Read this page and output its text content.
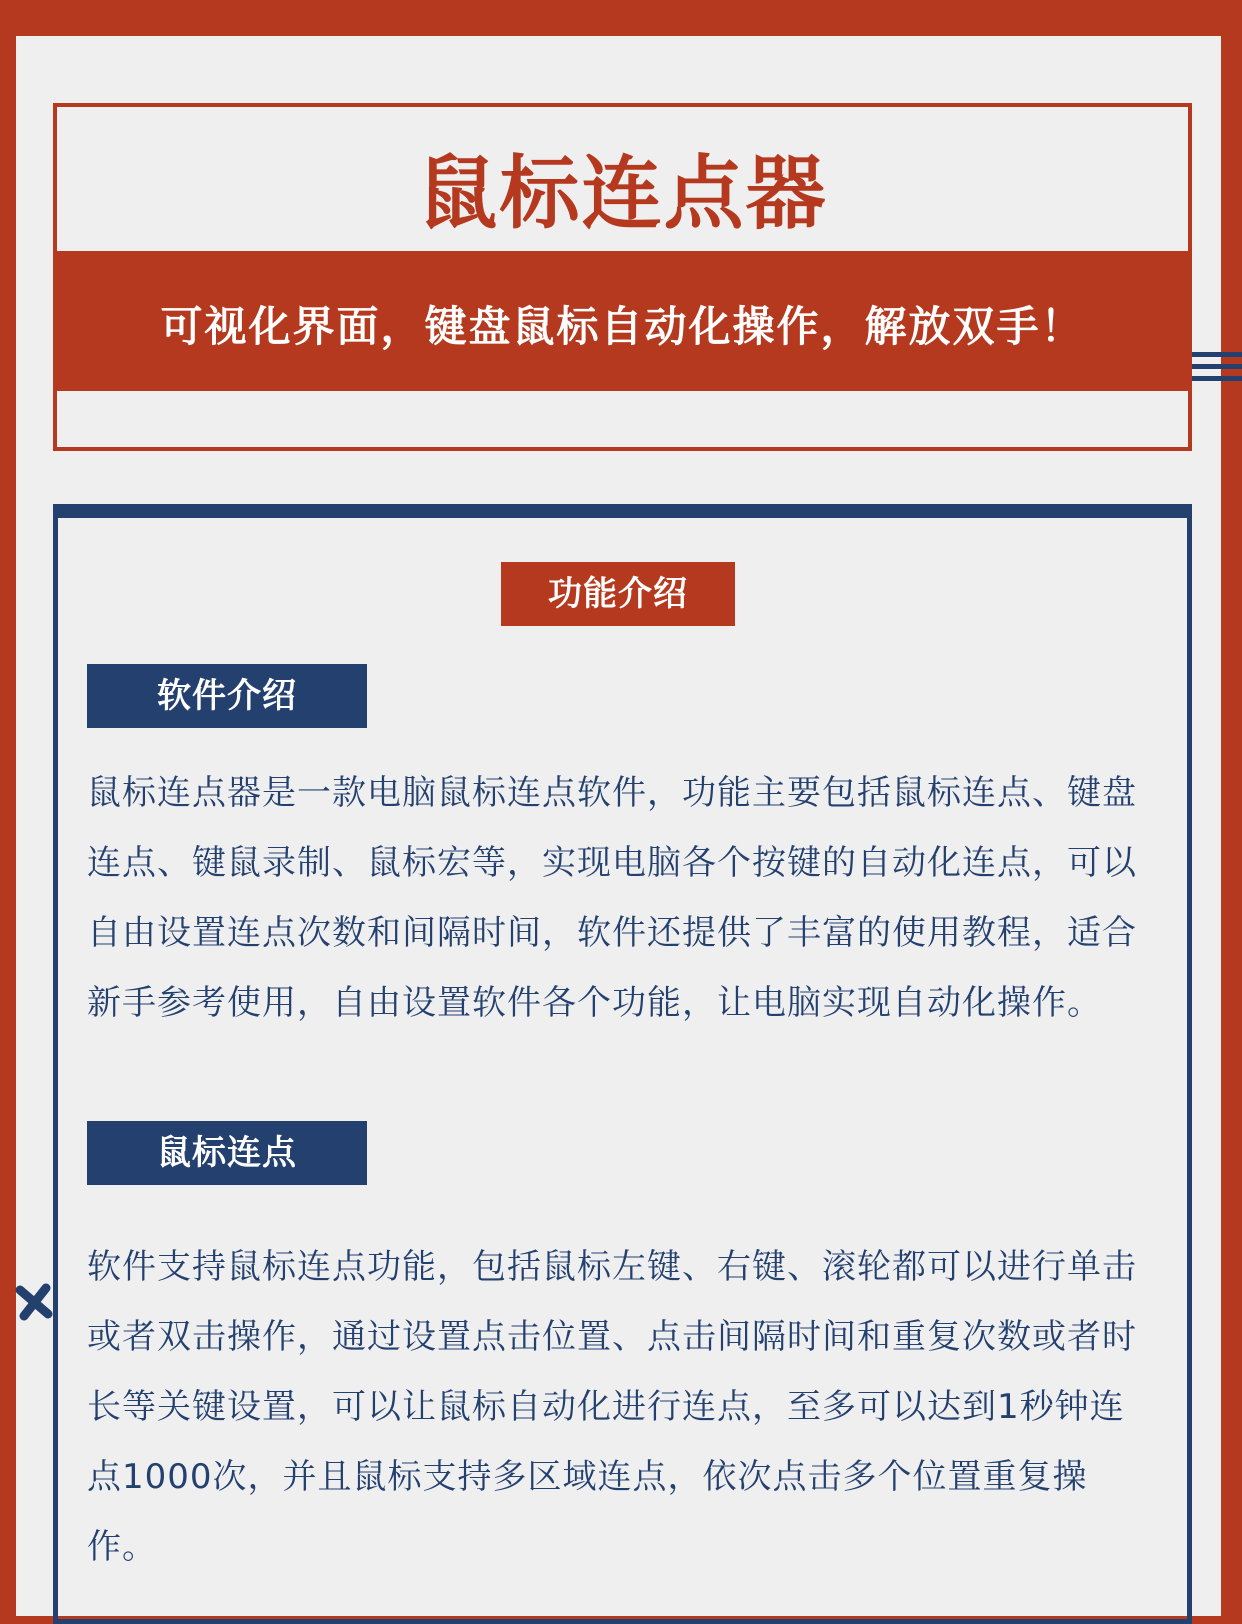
鼠标连点器
可视化界面，键盘鼠标自动化操作，解放双手！
功能介绍
软件介绍
鼠标连点器是一款电脑鼠标连点软件，功能主要包括鼠标连点、键盘连点、键鼠录制、鼠标宏等，实现电脑各个按键的自动化连点，可以自由设置连点次数和间隔时间，软件还提供了丰富的使用教程，适合新手参考使用，自由设置软件各个功能，让电脑实现自动化操作。
鼠标连点
软件支持鼠标连点功能，包括鼠标左键、右键、滚轮都可以进行单击或者双击操作，通过设置点击位置、点击间隔时间和重复次数或者时长等关键设置，可以让鼠标自动化进行连点，至多可以达到1秒钟连点1000次，并且鼠标支持多区域连点，依次点击多个位置重复操作。
